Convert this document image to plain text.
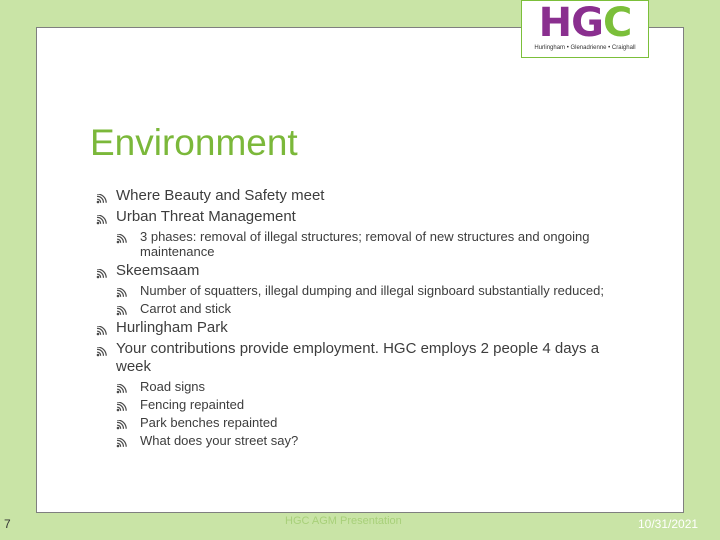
HGC
Hurlingham • Glenadrienne • Craighall
Environment
Where Beauty and Safety meet
Urban Threat Management
3 phases: removal of illegal structures; removal of new structures and ongoing maintenance
Skeemsaam
Number of squatters, illegal dumping and illegal signboard substantially reduced;
Carrot and stick
Hurlingham Park
Your contributions provide employment. HGC employs 2 people 4 days a week
Road signs
Fencing repainted
Park benches repainted
What does your street say?
7	HGC AGM Presentation	10/31/2021
